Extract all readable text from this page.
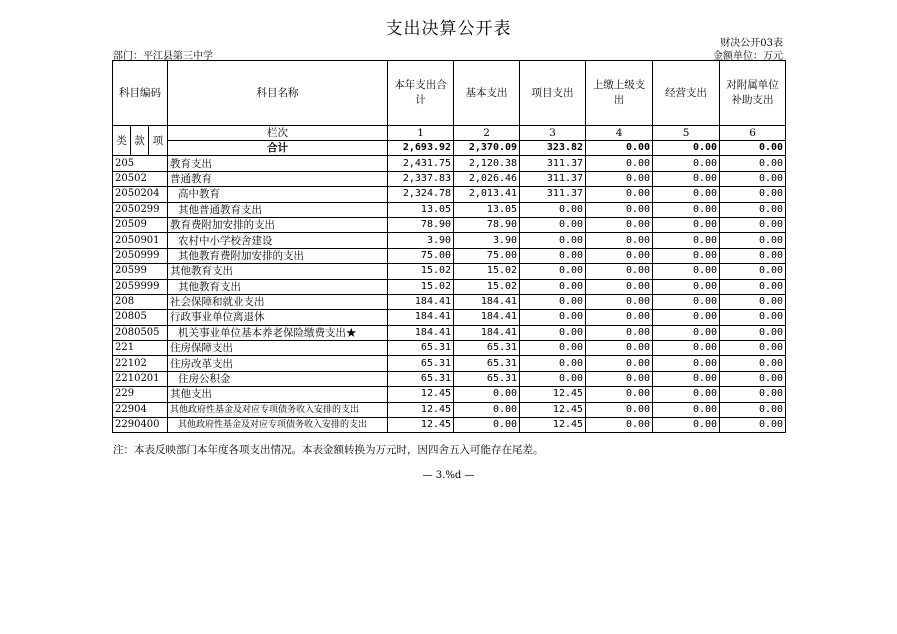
支出决算公开表
财决公开03表
部门：平江县第三中学	金额单位：万元
科目编码			科目名称	本年支出合计	基本支出	项目支出	上缴上级支出	经营支出	对附属单位补助支出
类	款	项	栏次	1	2	3	4	5	6
			合计	2,693.92	2,370.09	323.82	0.00	0.00	0.00
205			教育支出	2,431.75	2,120.38	311.37	0.00	0.00	0.00
20502			普通教育	2,337.83	2,026.46	311.37	0.00	0.00	0.00
2050204			高中教育	2,324.78	2,013.41	311.37	0.00	0.00	0.00
2050299			其他普通教育支出	13.05	13.05	0.00	0.00	0.00	0.00
20509			教育费附加安排的支出	78.90	78.90	0.00	0.00	0.00	0.00
2050901			农村中小学校舍建设	3.90	3.90	0.00	0.00	0.00	0.00
2050999			其他教育费附加安排的支出	75.00	75.00	0.00	0.00	0.00	0.00
20599			其他教育支出	15.02	15.02	0.00	0.00	0.00	0.00
2059999			其他教育支出	15.02	15.02	0.00	0.00	0.00	0.00
208			社会保障和就业支出	184.41	184.41	0.00	0.00	0.00	0.00
20805			行政事业单位离退休	184.41	184.41	0.00	0.00	0.00	0.00
2080505			机关事业单位基本养老保险缴费支出★	184.41	184.41	0.00	0.00	0.00	0.00
221			住房保障支出	65.31	65.31	0.00	0.00	0.00	0.00
22102			住房改革支出	65.31	65.31	0.00	0.00	0.00	0.00
2210201			住房公积金	65.31	65.31	0.00	0.00	0.00	0.00
229			其他支出	12.45	0.00	12.45	0.00	0.00	0.00
22904			其他政府性基金及对应专项债务收入安排的支出	12.45	0.00	12.45	0.00	0.00	0.00
2290400			其他政府性基金及对应专项债务收入安排的支出	12.45	0.00	12.45	0.00	0.00	0.00
注：本表反映部门本年度各项支出情况。本表金额转换为万元时，因四舍五入可能存在尾差。
— 3.%d —
